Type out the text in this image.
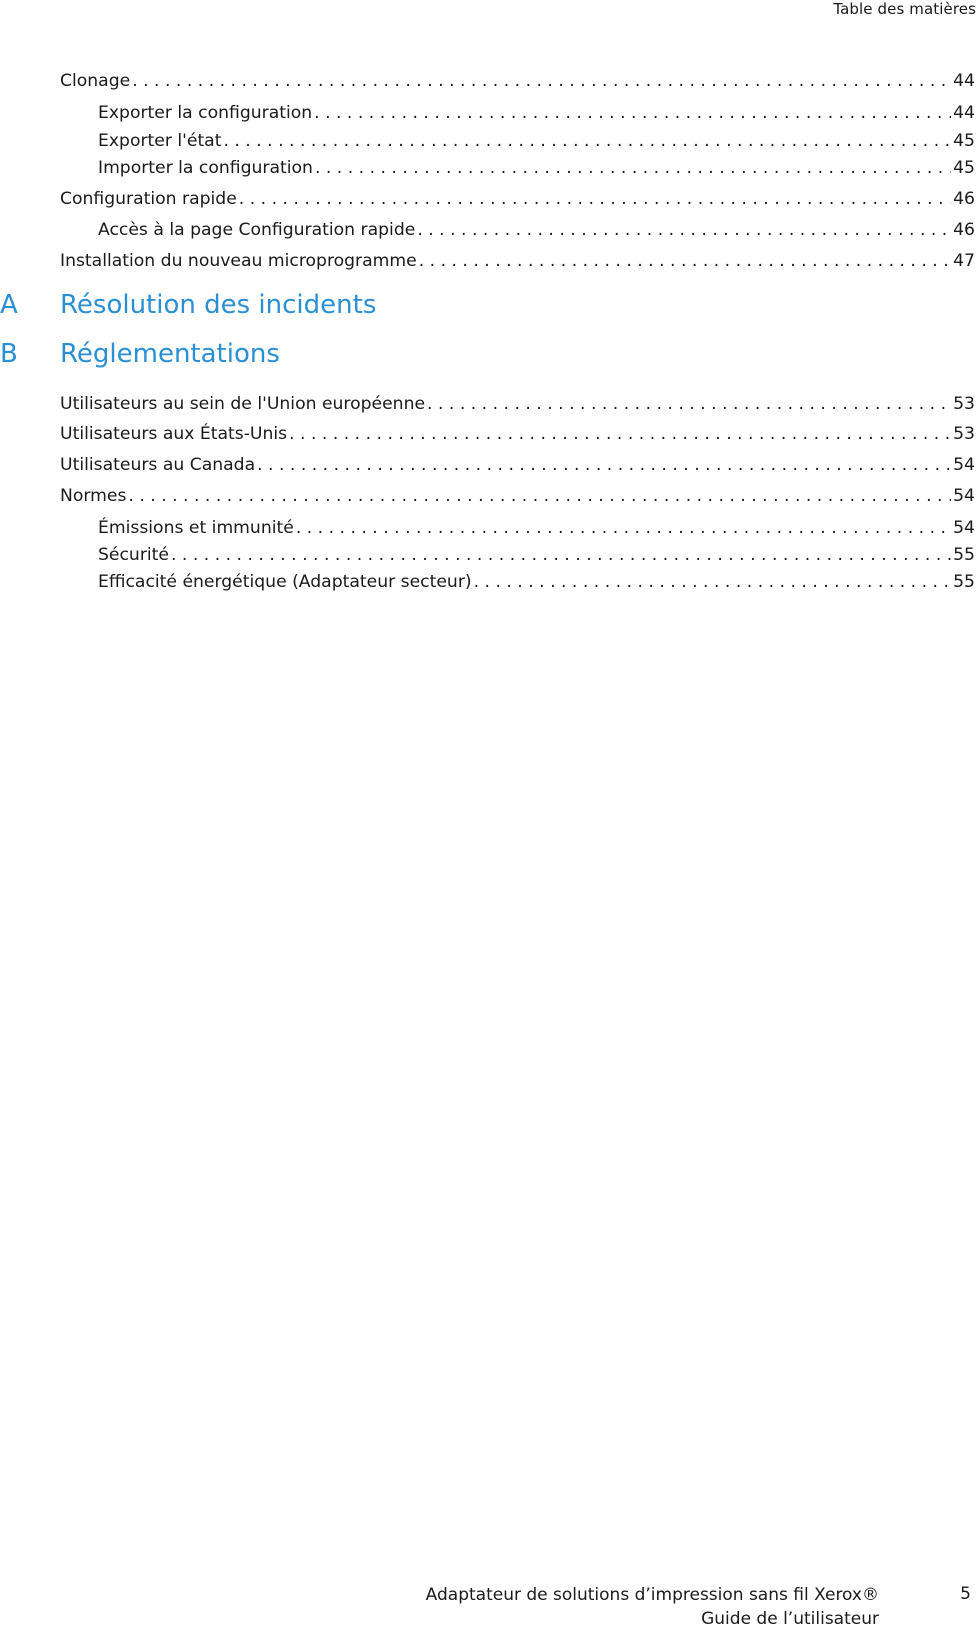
Table des matières
Clonage . . .	44
Exporter la configuration . . .	44
Exporter l'état . . .	45
Importer la configuration . . .	45
Configuration rapide . . .	46
Accès à la page Configuration rapide . . .	46
Installation du nouveau microprogramme . . .	47
A Résolution des incidents
B Réglementations
Utilisateurs au sein de l'Union européenne . . .	53
Utilisateurs aux États-Unis . . .	53
Utilisateurs au Canada . . .	54
Normes . . .	54
Émissions et immunité . . .	54
Sécurité . . .	55
Efficacité énergétique (Adaptateur secteur) . . .	55
Adaptateur de solutions d’impression sans fil Xerox®
Guide de l’utilisateur
5
